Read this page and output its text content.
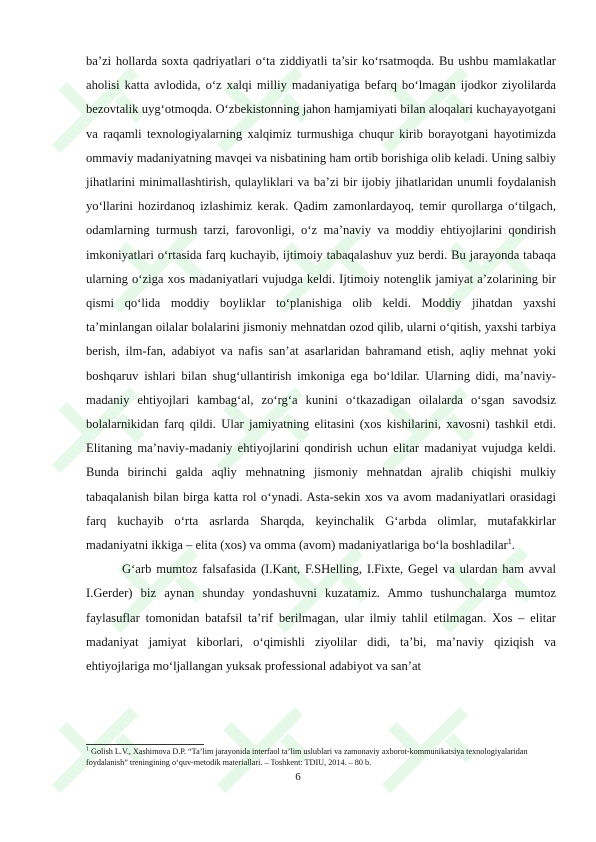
ba’zi hollarda soxta qadriyatlari o‘ta ziddiyatli ta’sir ko‘rsatmoqda. Bu ushbu mamlakatlar aholisi katta avlodida, o‘z xalqi milliy madaniyatiga befarq bo‘lmagan ijodkor ziyolilarda bezovtalik uyg‘otmoqda. O‘zbekistonning jahon hamjamiyati bilan aloqalari kuchayayotgani va raqamli texnologiyalarning xalqimiz turmushiga chuqur kirib borayotgani hayotimizda ommaviy madaniyatning mavqei va nisbatining ham ortib borishiga olib keladi. Uning salbiy jihatlarini minimallashtirish, qulayliklari va ba’zi bir ijobiy jihatlaridan unumli foydalanish yo‘llarini hozirdanoq izlashimiz kerak. Qadim zamonlardayoq, temir qurollarga o‘tilgach, odamlarning turmush tarzi, farovonligi, o‘z ma’naviy va moddiy ehtiyojlarini qondirish imkoniyatlari o‘rtasida farq kuchayib, ijtimoiy tabaqalashuv yuz berdi. Bu jarayonda tabaqa ularning o‘ziga xos madaniyatlari vujudga keldi. Ijtimoiy notenglik jamiyat a’zolarining bir qismi qo‘lida moddiy boyliklar to‘planishiga olib keldi. Moddiy jihatdan yaxshi ta’minlangan oilalar bolalarini jismoniy mehnatdan ozod qilib, ularni o‘qitish, yaxshi tarbiya berish, ilm-fan, adabiyot va nafis san’at asarlaridan bahramand etish, aqliy mehnat yoki boshqaruv ishlari bilan shug‘ullantirish imkoniga ega bo‘ldilar. Ularning didi, ma’naviy-madaniy ehtiyojlari kambag‘al, zo‘rg‘a kunini o‘tkazadigan oilalarda o‘sgan savodsiz bolalarnikidan farq qildi. Ular jamiyatning elitasini (xos kishilarini, xavosni) tashkil etdi. Elitaning ma’naviy-madaniy ehtiyojlarini qondirish uchun elitar madaniyat vujudga keldi. Bunda birinchi galda aqliy mehnatning jismoniy mehnatdan ajralib chiqishi mulkiy tabaqalanish bilan birga katta rol o‘ynadi. Asta-sekin xos va avom madaniyatlari orasidagi farq kuchayib o‘rta asrlarda Sharqda, keyinchalik G‘arbda olimlar, mutafakkirlar madaniyatni ikkiga – elita (xos) va omma (avom) madaniyatlariga bo‘la boshladilar$^1$.

G‘arb mumtoz falsafasida (I.Kant, F.SHelling, I.Fixte, Gegel va ulardan ham avval I.Gerder) biz aynan shunday yondashuvni kuzatamiz. Ammo tushunchalarga mumtoz faylasuflar tomonidan batafsil ta’rif berilmagan, ular ilmiy tahlil etilmagan. Xos – elitar madaniyat jamiyat kiborlari, o‘qimishli ziyolilar didi, ta’bi, ma’naviy qiziqish va ehtiyojlariga mo‘ljallangan yuksak professional adabiyot va san’at

$^1$ Golish L.V., Xashimova D.P. “Ta’lim jarayonida interfaol ta’lim uslublari va zamonaviy axborot-kommunikatsiya texnologiyalaridan foydalanish” treningining o‘quv-metodik materiallari. – Toshkent: TDIU, 2014. – 80 b.
6
